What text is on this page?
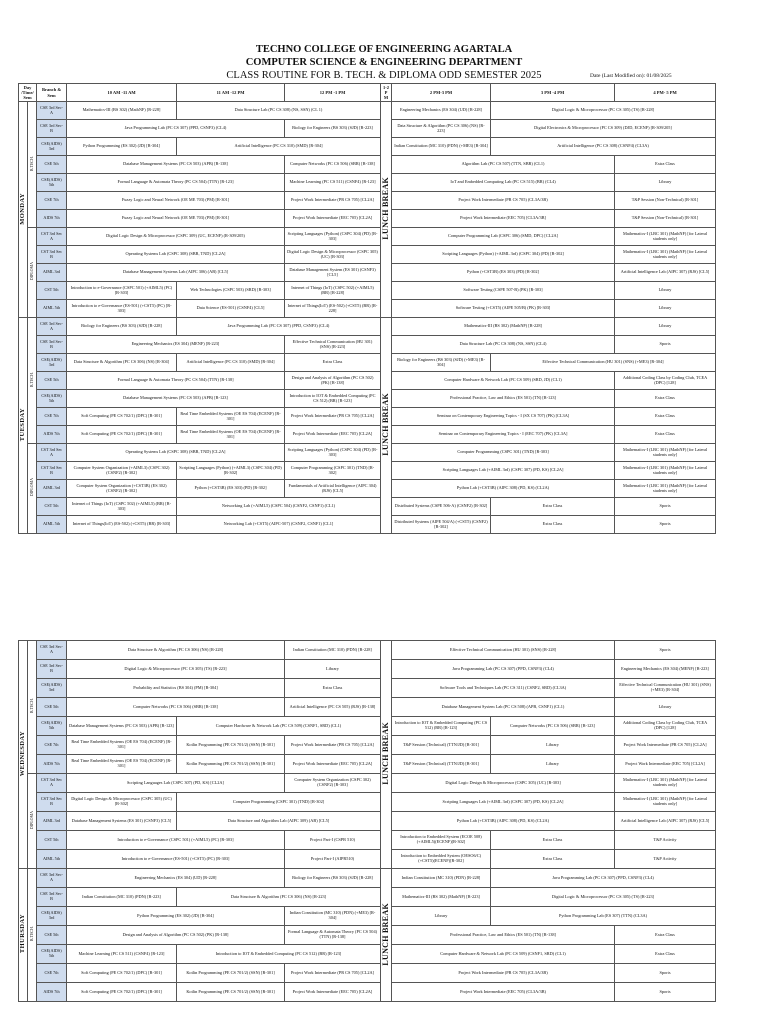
TECHNO COLLEGE OF ENGINEERING AGARTALA
COMPUTER SCIENCE & ENGINEERING DEPARTMENT
CLASS ROUTINE FOR B. TECH. & DIPLOMA ODD SEMESTER 2025	Date (Last Modified on): 01/08/2025
Day /Time/ Sem		Branch & Sem	10 AM -11 AM	11 AM -12 PM	12 PM -1 PM	1-2 PM	2 PM-3 PM	3 PM -4 PM	4 PM- 5 PM
MONDAY	B.TECH.	CSE 3rd Sec-A	Mathematics-III (BS 302) (MathNF) [R-228]	Data Structure Lab (PC CS 308) (NS, SSN) (CL 1)		LUNCH BREAK	Engineering Mechanics (ES 304) (UD) [R-228]	Digital Logic & Microprocessor (PC CS 305) (TS) [R-228]	
		CSE 3rd Sec-B	Java Programming Lab (PC CS 307) (PPD, CSNF3) (CL4)		Biology for Engineers (BS 303) (SJD) [R-223]		Data Structure & Algorithm (PC CS 306) (NS) [R-223]	Digital Electronics & Microprocessor (PC CS 309) (DJD, ECENF) [R-309/205]	
		CSE(AIDS) 3rd	Python Programming (ES 302) (JD) [R-304]	Artificial Intelligence (PC CS 310) (SMD) [R-304]			Indian Constitution (MC 310) (PDN) (+ME3) [R-304]	Artificial Intelligence (PC CS 308) (CSNF4) (CL3A)	
		CSE 5th	Database Management Systems (PC CS 503) (APB) [R-138]		Computer Networks (PC CS 506) (SBR) [R-138]		Algorithm Lab (PC CS 507) (TTN, SBR) (CL1)		Extra Class
		CSE(AIDS) 5th	Formal Language & Automata Theory (PC CS 504) (TTN) [R-123]		Machine Learning (PC CS 511) (CSNF4) [R-123]		IoT and Embedded Computing Lab (PC CS 515) (BR) (CL4)		Library
		CSE 7th	Fuzzy Logic and Neural Network (OE ME 703) (PM) [R-301]		Project Work Intermediate (PR CS 705) [CL2A]		Project Work Intermediate (PR CS 705) (CL3A/3B)		T&P Session (Non-Technical) [R-301]
		AIDS 7th	Fuzzy Logic and Neural Network (OE ME 703) (PM) [R-301]		Project Work Intermediate (EEC 705) [CL2A]		Project Work Intermediate (EEC 705) [CL3A/3B]		T&P Session (Non-Technical) [R-301]
	DIPLOMA	CST 3rd Sec A	Digital Logic Design & Microprocessor (CSPC 309) (UC, ECENF) (R-309/205)		Scripting Languages (Python) (CSPC 304) (PD) [R-303]		Computer Programming Lab (CSPC 306) (SMD, DPC) [CL2A]		Mathematics-I (LBC 301) (MathNF) [for Lateral students only]
		CST 3rd Sec B	Operating Systems Lab (CSPC 308) (SBR, TND) [CL2A]		Digital Logic Design & Microprocessor (CSPC 305) (UC) [R-303]		Scripting Languages (Python) (+AIML 3rd) (CSPC 304) (PD) [R-302]		Mathematics-I (LBC 301) (MathNF) [for Lateral students only]
		AIML 3rd	Database Management Systems Lab (AIPC 306) (AB) [CL5]		Database Management System (ES 301) (CSNF3) [CL5]		Python (+CST3B) (ES 303) (PD) [R-302]		Artificial Intelligence Lab (AIPC 307) (RJS) [CL5]
		CST 5th	Introduction to e-Governance (CSPC 501) (+AIML5) (PC) [R-303]	Web Technologies (CSPC 503) (SRD) [R-303]	Internet of Things (IoT) (CSPC 502) (+AIML5) (BR) [R-228]		Software Testing (CSPE 507-B) (PK) [R-303]		Library
		AIML 5th	Introduction to e-Governance (ES-501) (+CST5) (PC) [R-303]	Data Science (ES-501) (CSNF4) [CL5]	Internet of Things(IoT) (ES-502) (+CST5) (BR) [R-228]		Software Testing (+CST5) (AIPE 505/B) (PK) [R-303]		Library
TUESDAY	B.TECH.	CSE 3rd Sec-A	Biology for Engineers (BS 303) (SJD) [R-228]	Java Programming Lab (PC CS 307) (PPD, CSNF3) (CL4)		LUNCH BREAK	Mathematics-III (BS 302) (MathNF) [R-228]		Library
		CSE 3rd Sec-B	Engineering Mechanics (ES 304) (MENF) [R-223]		Effective Technical Communication (HU 301) (SNS) [R-223]		Data Structure Lab (PC CS 308) (NS, SSN) (CL4)		Sports
		CSE(AIDS) 3rd	Data Structure & Algorithm (PC CS 306) (NS) [R-304]	Artificial Intelligence (PC CS 310) (SMD) [R-304]	Extra Class		Biology for Engineers (BS 303) (SJD) (+ME3) [R-304]	Effective Technical Communication (HU 301) (SNS) (+ME3) [R-304]	
		CSE 5th	Formal Language & Automata Theory (PC CS 504) (TTN) [R-138]		Design and Analysis of Algorithm (PC CS 502) (PK) [R-138]		Computer Hardware & Network Lab (PC CS 509) (SRD, JD) (CL1)		Additional Coding Class by Coding Club, TCEA (DPC) [128]
		CSE(AIDS) 5th	Database Management Systems (PC CS 503) (APB) [R-123]		Introduction to IOT & Embedded Computing (PC CS 512) (BR) [R-123]		Professional Practice, Law and Ethics (ES 501) (TN) [R-123]		Extra Class
		CSE 7th	Soft Computing (PE CS 702/1) (DPC) [R-301]	Real Time Embedded Systems (OE ES 704) (ECENF) [R-301]	Project Work Intermediate (PR CS 705) [CL2A]		Seminar on Contemporary Engineering Topics - I (SX CS 707) (PK) [CL3A]		Extra Class
		AIDS 7th	Soft Computing (PE CS 702/1) (DPC) [R-301]	Real Time Embedded Systems (OE ES 704) (ECENF) [R-301]	Project Work Intermediate (EEC 705) [CL2A]		Seminar on Contemporary Engineering Topics - I (EEC 707) (PK) [CL3A]		Extra Class
	DIPLOMA	CST 3rd Sec A	Operating Systems Lab (CSPC 308) (SBR, TND) [CL2A]		Scripting Languages (Python) (CSPC 304) (PD) [R-303]		Computer Programming (CSPC 301) (TND) [R-303]		Mathematics-I (LBC 301) (MathNF) [for Lateral students only]
		CST 3rd Sec B	Computer System Organization (+AIML3) (CSPC 302) (CSNF2) [R-302]	Scripting Languages (Python) (+AIML3) (CSPC 304) (PD) [R-302]	Computer Programming (CSPC 301) (TND) [R-302]		Scripting Languages Lab (+AIML 3rd) (CSPC 307) (PD, KS) [CL2A]		Mathematics-I (LBC 301) (MathNF) [for Lateral students only]
		AIML 3rd	Computer System Organization (+CST3B) (ES 302) (CSNF2) [R-302]	Python (+CST3B) (ES 303) (PD) [R-302]	Fundamentals of Artificial Intelligence (AIPC 304) (RJS) [CL5]		Python Lab (+CST3B) (AIPC 308) (PD, KS) (CL2A)		Mathematics-I (LBC 301) (MathNF) [for Lateral students only]
		CST 5th	Internet of Things (IoT) (CSPC 502) (+AIML5) (BR) [R-303]	Networking Lab (+AIML5) (CSPC 504) (CSNF2, CSNF1) (CL1)			Distributed Systems (CSPE 506-A) (CSNF2) [R-302]	Extra Class	Sports
		AIML 5th	Internet of Things(IoT) (ES-502) (+CST5) (BR) [R-303]	Networking Lab (+CST5) (AIPC-507) (CSNF2, CSNF1) [CL1]			Distributed Systems (AIPE 504/A) (+CST5) (CSNF2) [R-302]	Extra Class	Sports
WEDNESDAY	B.TECH.	CSE 3rd Sec-A	Data Structure & Algorithm (PC CS 306) (NS) [R-228]		Indian Constitution (MC 310) (PDN) [R-228]	LUNCH BREAK	Effective Technical Communication (HU 301) (SNS) [R-228]		Sports
		CSE 3rd Sec-B	Digital Logic & Microprocessor (PC CS 305) (TS) [R-223]		Library		Java Programming Lab (PC CS 307) (PPD, CSNF3) (CL4)		Engineering Mechanics (ES 304) (MENF) [R-223]
		CSE(AIDS) 3rd	Probability and Statistics (BS 304) (PM) [R-304]		Extra Class		Software Tools and Techniques Lab (PC CS 311) (CSNF2, SRD) (CL3A)		Effective Technical Communication (HU 301) (SNS) (+ME3) [R-304]
		CSE 5th	Computer Networks (PC CS 506) (SBR) [R-138]		Artificial Intelligence (PC CS 505) (RJS) [R-138]		Database Management System Lab (PC CS 508) (APB, CSNF1) (CL1)		Library
		CSE(AIDS) 5th	Database Management Systems (PC CS 503) (APB) [R-123]	Computer Hardware & Network Lab (PC CS 509) (CSNF1, SRD) (CL1)			Introduction to IOT & Embedded Computing (PC CS 512) (BR) [R-123]	Computer Networks (PC CS 506) (SBR) [R-123]	Additional Coding Class by Coding Club, TCEA (DPC) [128]
		CSE 7th	Real Time Embedded Systems (OE ES 704) (ECENF) [R-301]	Kotlin Programming (PE CS 701/2) (SSN) [R-301]	Project Work Intermediate (PR CS 705) [CL2A]		T&P Session (Technical) (TTN/JD) [R-301]	Library	Project Work Intermediate (PR CS 705) [CL2A]
		AIDS 7th	Real Time Embedded Systems (OE ES 704) (ECENF) [R-301]	Kotlin Programming (PE CS 701/2) (SSN) [R-301]	Project Work Intermediate (EEC 705) [CL2A]		T&P Session (Technical) (TTN/JD) [R-301]	Library	Project Work Intermediate (EEC 705) [CL2A]
	DIPLOMA	CST 3rd Sec A	Scripting Languages Lab (CSPC 307) (PD, KS) [CL2A]		Computer System Organization (CSPC 302) (CSNF2) [R-303]		Digital Logic Design & Microprocessor (CSPC 305) (UC) [R-303]		Mathematics-I (LBC 301) (MathNF) [for Lateral students only]
		CST 3rd Sec B	Digital Logic Design & Microprocessor (CSPC 305) (UC) [R-302]	Computer Programming (CSPC 301) (TND) [R-302]			Scripting Languages Lab (+AIML 3rd) (CSPC 307) (PD, KS) [CL2A]		Mathematics-I (LBC 301) (MathNF) [for Lateral students only]
		AIML 3rd	Database Management Systems (ES 301) (CSNF3) [CL5]	Data Structure and Algorithm Lab (AIPC 309) (AB) [CL5]			Python Lab (+CST3B) (AIPC 308) (PD, KS) (CL2A)		Artificial Intelligence Lab (AIPC 307) (RJS) [CL5]
		CST 5th	Introduction to e-Governance (CSPC 501) (+AIML5) (PC) [R-303]		Project Part-I (CSPR 510)		Introduction to Embedded System (ECOE 508)(+AIML5)(ECENF)[R-302]	Extra Class	T&P Activity
		AIML 5th	Introduction to e-Governance (ES-501) (+CST5) (PC) [R-303]		Project Part-I (AIPR510)		Introduction to Embedded System (OESO6/C)(+CST5)(ECENF)[R-302]	Extra Class	T&P Activity
THURSDAY	B.TECH.	CSE 3rd Sec-A	Engineering Mechanics (ES 304) (UD) [R-228]		Biology for Engineers (BS 303) (SJD) [R-228]	LUNCH BREAK	Indian Constitution (MC 310) (PDN) [R-228]	Java Programming Lab (PC CS 307) (PPD, CSNF3) (CL4)	
		CSE 3rd Sec-B	Indian Constitution (MC 310) (PDN) [R-223]	Data Structure & Algorithm (PC CS 306) (NS) [R-223]			Mathematics-III (BS 302) (MathNF) [R-223]	Digital Logic & Microprocessor (PC CS 305) (TS) [R-223]	
		CSE(AIDS) 3rd	Python Programming (ES 302) (JD) [R-304]		Indian Constitution (MC 310) (PDN) (+ME3) [R-304]		Library	Python Programming Lab (ES 307) (TTN) (CL3A)	
		CSE 5th	Design and Analysis of Algorithm (PC CS 502) (PK) [R-138]		Formal Language & Automata Theory (PC CS 504) (TTN) [R-138]		Professional Practice, Law and Ethics (ES 501) (TN) [R-138]		Extra Class
		CSE(AIDS) 5th	Machine Learning (PC CS 511) (CSNF4) [R-123]	Introduction to IOT & Embedded Computing (PC CS 512) (BR) [R-123]			Computer Hardware & Network Lab (PC CS 509) (CSNF1, SRD) (CL1)		Extra Class
		CSE 7th	Soft Computing (PE CS 702/1) (DPC) [R-301]	Kotlin Programming (PE CS 701/2) (SSN) [R-301]	Project Work Intermediate (PR CS 705) [CL2A]		Project Work Intermediate (PR CS 705) (CL3A/3B)		Sports
		AIDS 7th	Soft Computing (PE CS 702/1) (DPC) [R-301]	Kotlin Programming (PE CS 701/2) (SSN) [R-301]	Project Work Intermediate (EEC 705) [CL2A]		Project Work Intermediate (EEC 705) (CL3A/3B)		Sports
